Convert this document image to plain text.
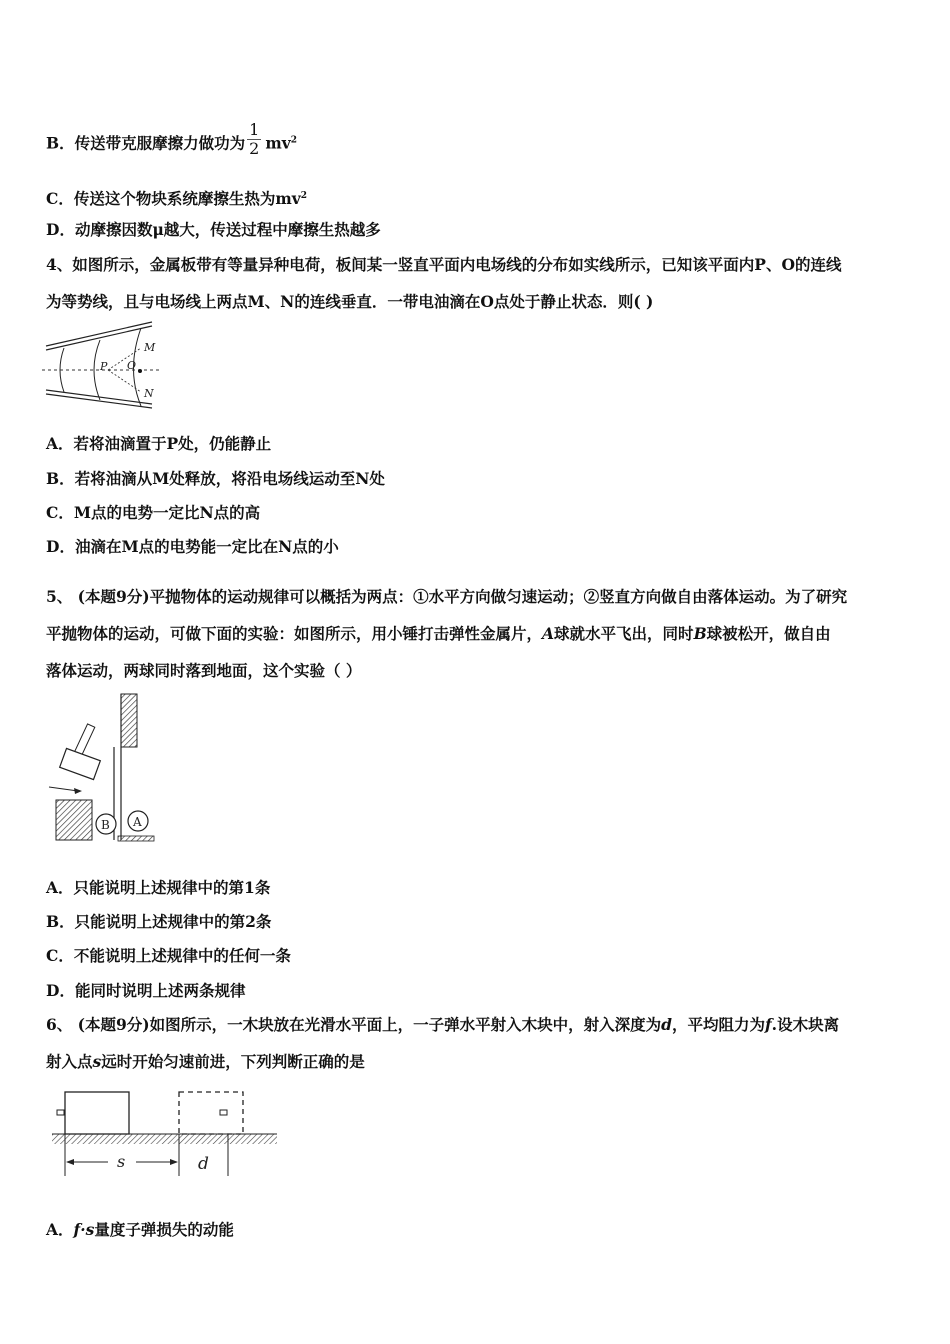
B．传送带克服摩擦力做功为 $\frac{1}{2} mv^2$
C．传送这个物块系统摩擦生热为$mv^2$
D．动摩擦因数μ越大，传送过程中摩擦生热越多
4、如图所示，金属板带有等量异种电荷，板间某一竖直平面内电场线的分布如实线所示，已知该平面内P、O的连线
为等势线，且与电场线上两点M、N的连线垂直．一带电油滴在O点处于静止状态．则( )
P O
M
N
A．若将油滴置于P处，仍能静止
B．若将油滴从M处释放，将沿电场线运动至N处
C．M点的电势一定比N点的高
D．油滴在M点的电势能一定比在N点的小
5、 (本题9分)平抛物体的运动规律可以概括为两点：①水平方向做匀速运动；②竖直方向做自由落体运动。为了研究
平抛物体的运动，可做下面的实验：如图所示，用小锤打击弹性金属片，A球就水平飞出，同时B球被松开，做自由
落体运动，两球同时落到地面，这个实验（ ）
B A
A．只能说明上述规律中的第1条
B．只能说明上述规律中的第2条
C．不能说明上述规律中的任何一条
D．能同时说明上述两条规律
6、 (本题9分)如图所示，一木块放在光滑水平面上，一子弹水平射入木块中，射入深度为d，平均阻力为f.设木块离
射入点s远时开始匀速前进，下列判断正确的是
s	d
A．f·s量度子弹损失的动能
